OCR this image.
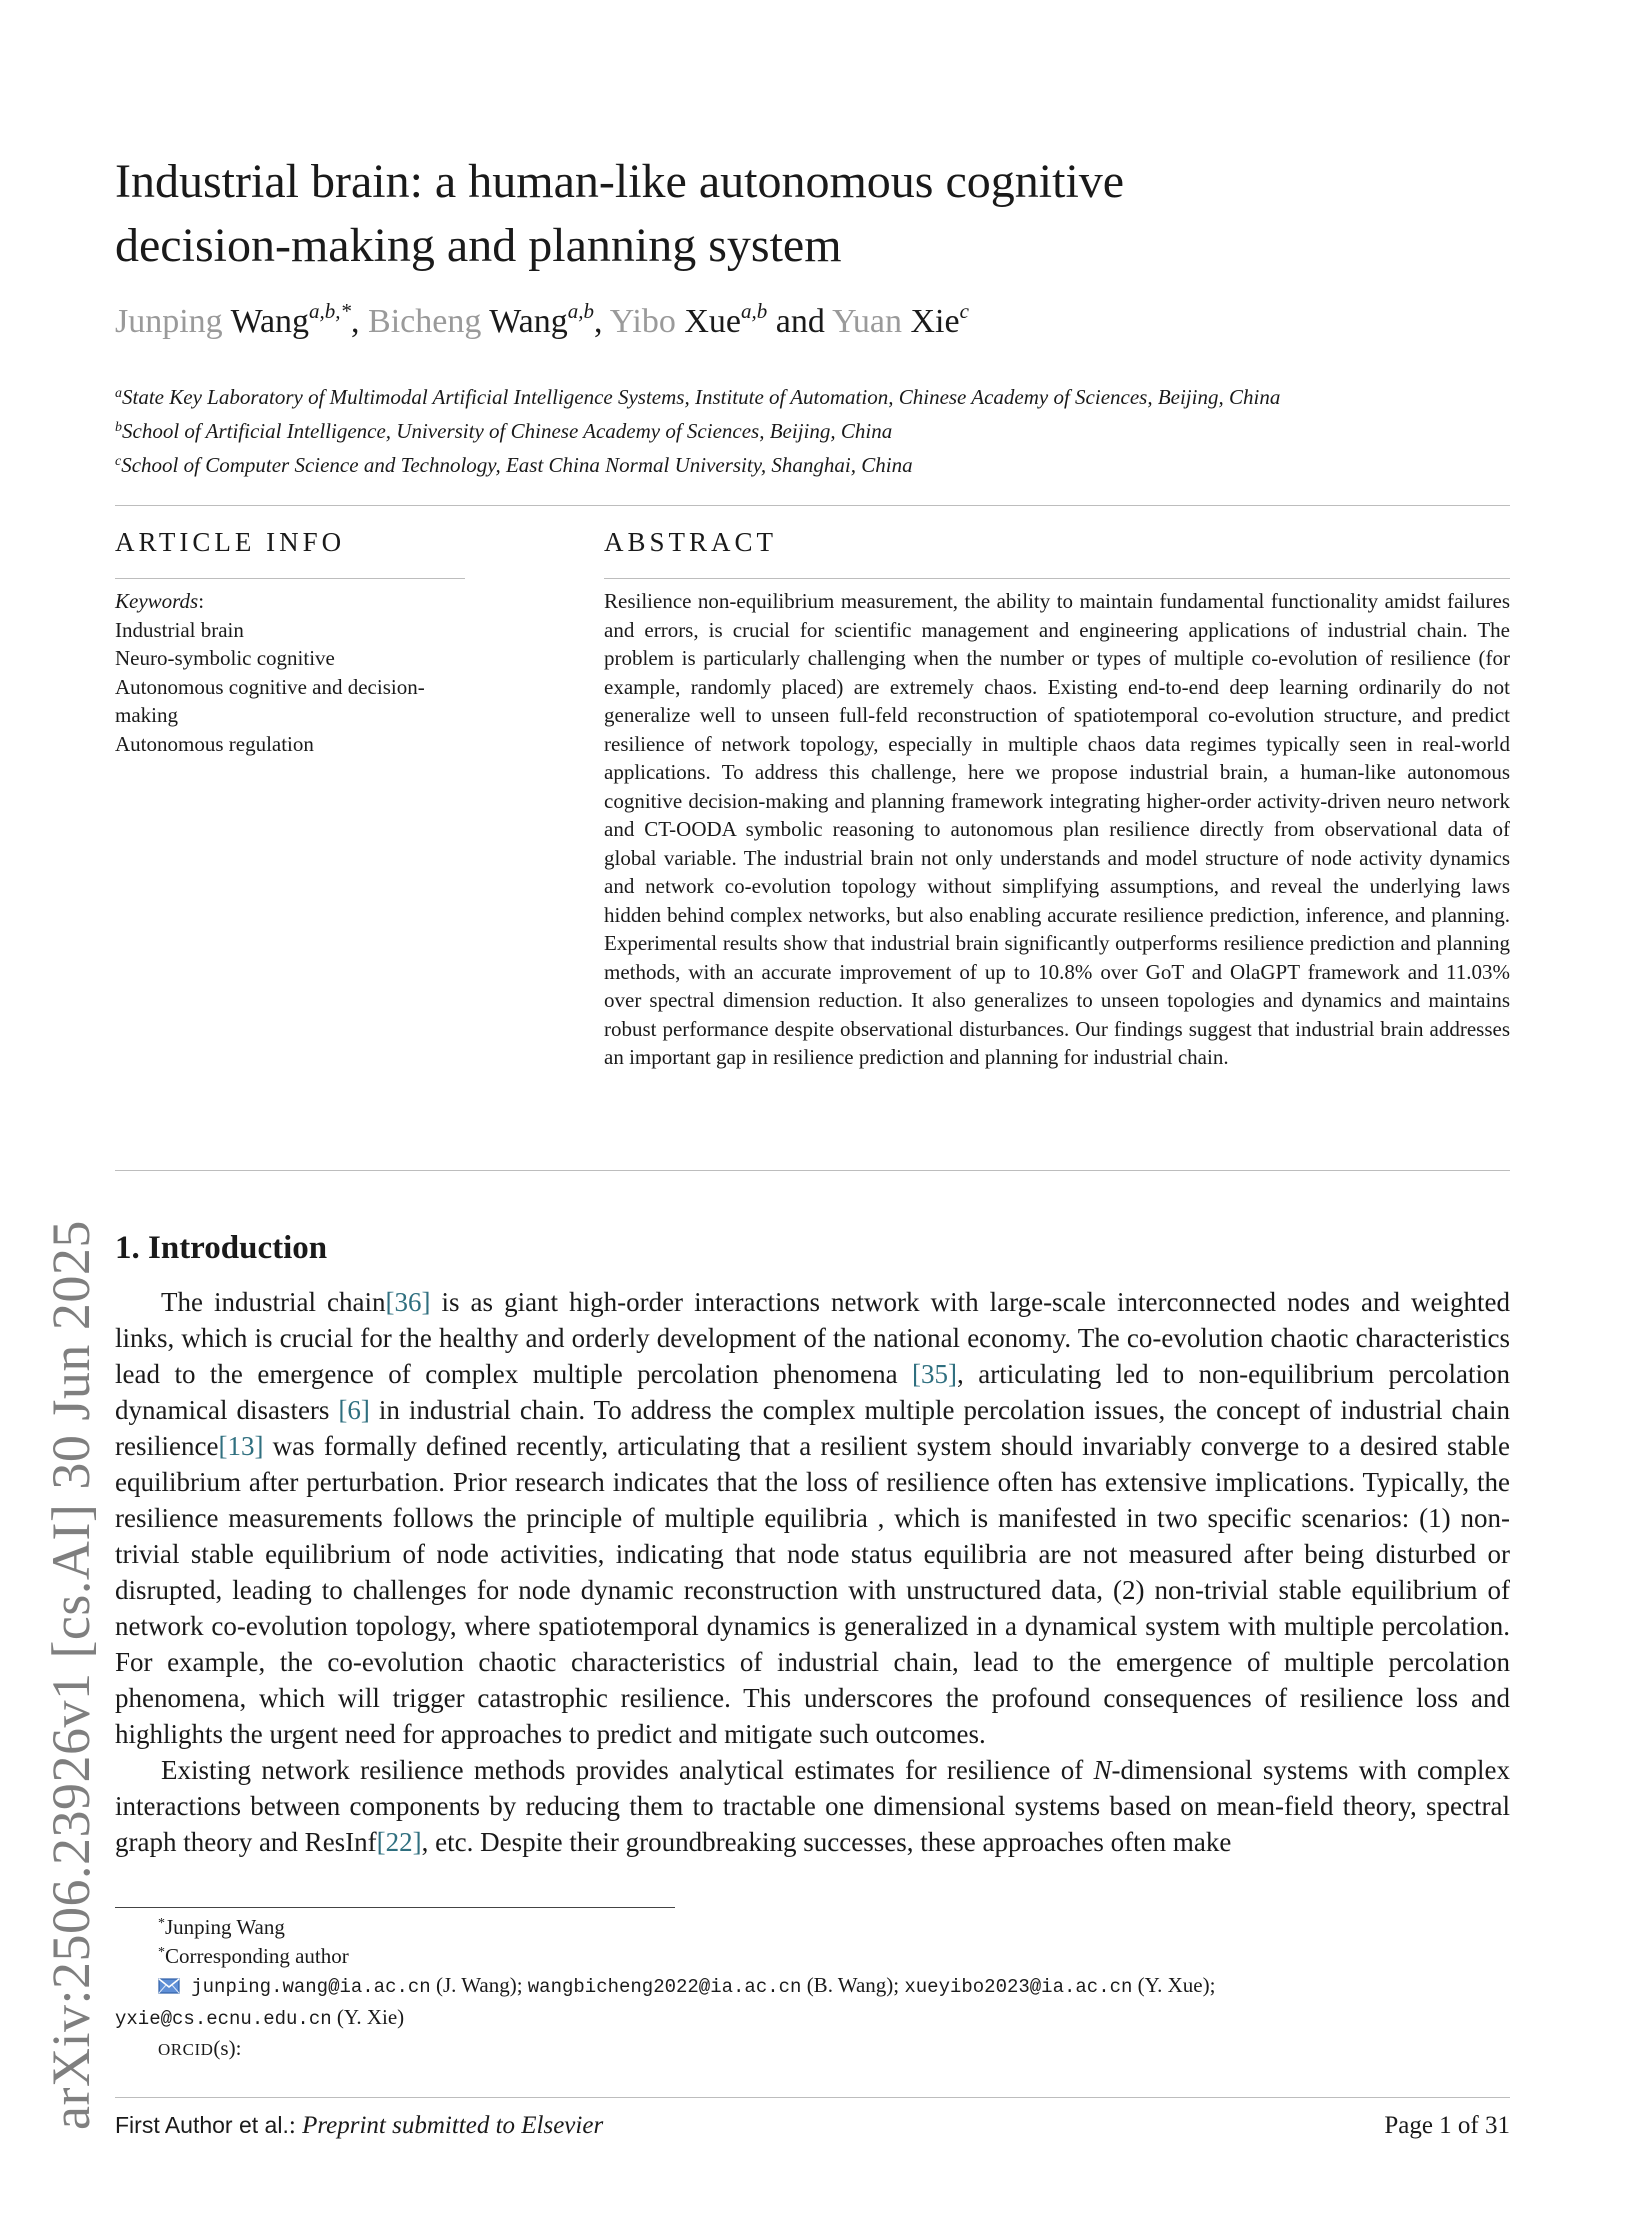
arXiv:2506.23926v1 [cs.AI] 30 Jun 2025
Industrial brain: a human-like autonomous cognitive
decision-making and planning system
Junping Wang$^{a,b,*}$, Bicheng Wang$^{a,b}$, Yibo Xue$^{a,b}$ and Yuan Xie$^c$
$^a$State Key Laboratory of Multimodal Artificial Intelligence Systems, Institute of Automation, Chinese Academy of Sciences, Beijing, China
$^b$School of Artificial Intelligence, University of Chinese Academy of Sciences, Beijing, China
$^c$School of Computer Science and Technology, East China Normal University, Shanghai, China
ARTICLE INFO	ABSTRACT
Keywords:
Industrial brain
Neuro-symbolic cognitive
Autonomous cognitive and decision-making
Autonomous regulation

Resilience non-equilibrium measurement, the ability to maintain fundamental functionality amidst failures and errors, is crucial for scientific management and engineering applications of industrial chain. The problem is particularly challenging when the number or types of multiple co-evolution of resilience (for example, randomly placed) are extremely chaos. Existing end-to-end deep learning ordinarily do not generalize well to unseen full-feld reconstruction of spatiotemporal co-evolution structure, and predict resilience of network topology, especially in multiple chaos data regimes typically seen in real-world applications. To address this challenge, here we propose industrial brain, a human-like autonomous cognitive decision-making and planning framework integrating higher-order activity-driven neuro network and CT-OODA symbolic reasoning to autonomous plan resilience directly from observational data of global variable. The industrial brain not only understands and model structure of node activity dynamics and network co-evolution topology without simplifying assumptions, and reveal the underlying laws hidden behind complex networks, but also enabling accurate resilience prediction, inference, and planning. Experimental results show that industrial brain significantly outperforms resilience prediction and planning methods, with an accurate improvement of up to 10.8% over GoT and OlaGPT framework and 11.03% over spectral dimension reduction. It also generalizes to unseen topologies and dynamics and maintains robust performance despite observational disturbances. Our findings suggest that industrial brain addresses an important gap in resilience prediction and planning for industrial chain.

1. Introduction

The industrial chain[36] is as giant high-order interactions network with large-scale interconnected nodes and weighted links, which is crucial for the healthy and orderly development of the national economy. The co-evolution chaotic characteristics lead to the emergence of complex multiple percolation phenomena [35], articulating led to non-equilibrium percolation dynamical disasters [6] in industrial chain. To address the complex multiple percolation issues, the concept of industrial chain resilience[13] was formally defined recently, articulating that a resilient system should invariably converge to a desired stable equilibrium after perturbation. Prior research indicates that the loss of resilience often has extensive implications. Typically, the resilience measurements follows the principle of multiple equilibria , which is manifested in two specific scenarios: (1) non-trivial stable equilibrium of node activities, indicating that node status equilibria are not measured after being disturbed or disrupted, leading to challenges for node dynamic reconstruction with unstructured data, (2) non-trivial stable equilibrium of network co-evolution topology, where spatiotemporal dynamics is generalized in a dynamical system with multiple percolation. For example, the co-evolution chaotic characteristics of industrial chain, lead to the emergence of multiple percolation phenomena, which will trigger catastrophic resilience. This underscores the profound consequences of resilience loss and highlights the urgent need for approaches to predict and mitigate such outcomes.

Existing network resilience methods provides analytical estimates for resilience of N-dimensional systems with complex interactions between components by reducing them to tractable one dimensional systems based on mean-field theory, spectral graph theory and ResInf[22], etc. Despite their groundbreaking successes, these approaches often make

*Junping Wang
*Corresponding author
junping.wang@ia.ac.cn (J. Wang); wangbicheng2022@ia.ac.cn (B. Wang); xueyibo2023@ia.ac.cn (Y. Xue);
yxie@cs.ecnu.edu.cn (Y. Xie)
ORCID(s):
First Author et al.: Preprint submitted to Elsevier	Page 1 of 31
